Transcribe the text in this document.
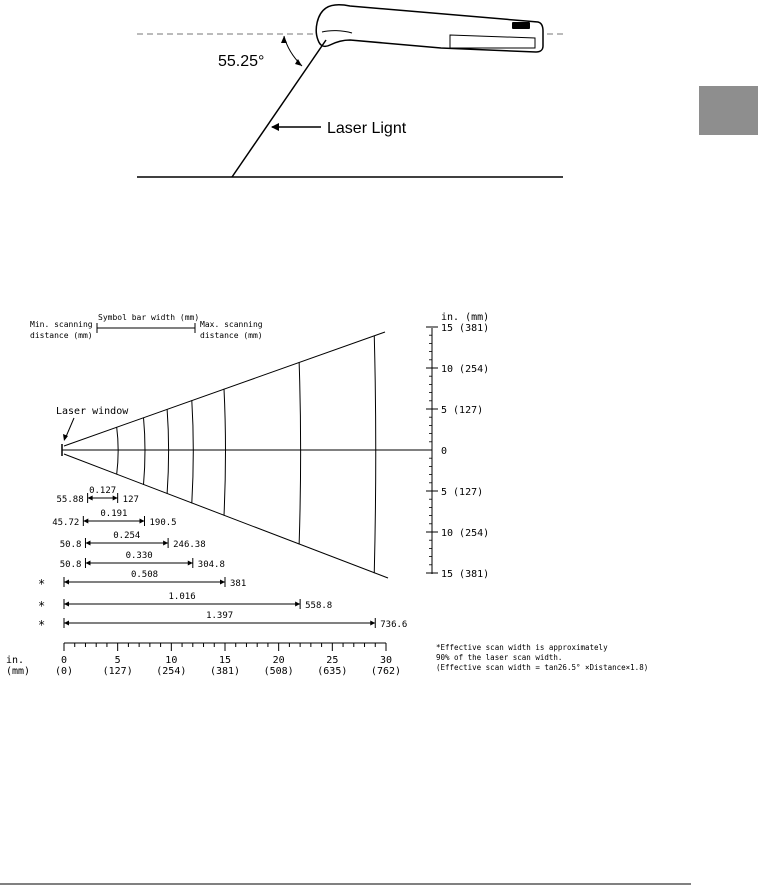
55.25°
Laser Lignt
Min. scanning
distance (mm)
Symbol bar width (mm)
Max. scanning
distance (mm)
Laser window
in. (mm)
15 (381)
10 (254)
5 (127)
0
5 (127)
10 (254)
15 (381)
0.127
55.88	127
0.191
45.72	190.5
0.254
50.8	246.38
0.330
50.8	304.8
0.508
*	381
1.016
*	558.8
1.397
*	736.6
in.
(mm)
0
(0)
5
(127)
10
(254)
15
(381)
20
(508)
25
(635)
30
(762)
*Effective scan width is approximately
90% of the laser scan width.
(Effective scan width = tan26.5° ×Distance×1.8)
